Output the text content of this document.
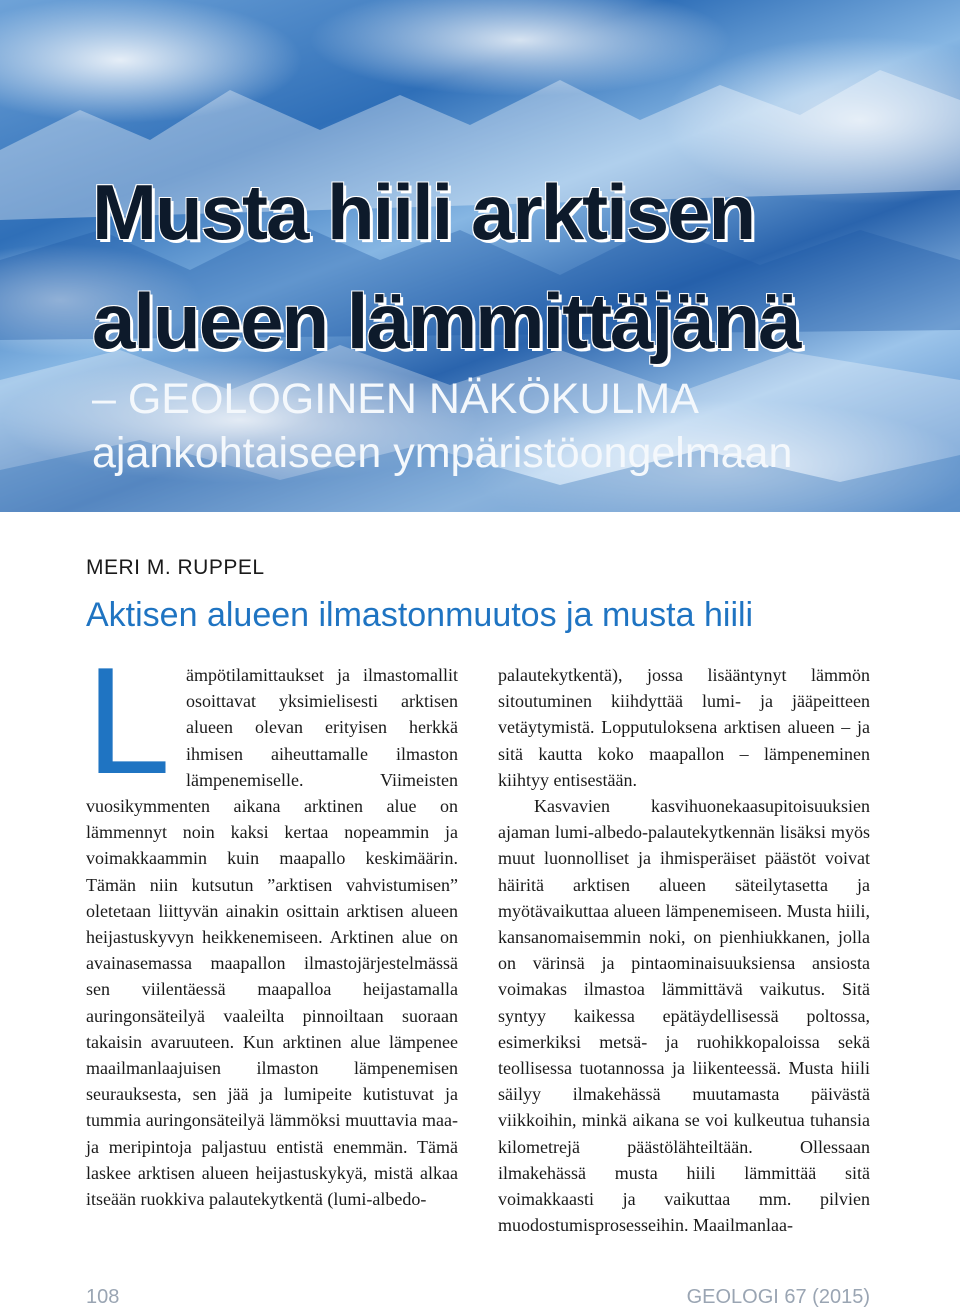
Musta hiili arktisen
alueen lämmittäjänä
– GEOLOGINEN NÄKÖKULMA
ajankohtaiseen ympäristöongelmaan
MERI M. RUPPEL
Aktisen alueen ilmastonmuutos ja musta hiili
L ämpötilamittaukset ja ilmastomallit osoittavat yksimielisesti arktisen alueen olevan erityisen herkkä ihmisen aiheuttamalle ilmaston lämpenemiselle. Viimeisten vuosikymmenten aikana arktinen alue on lämmennyt noin kaksi kertaa nopeammin ja voimakkaammin kuin maapallo keskimäärin. Tämän niin kutsutun ”arktisen vahvistumisen” oletetaan liittyvän ainakin osittain arktisen alueen heijastuskyvyn heikkenemiseen. Arktinen alue on avainasemassa maapallon ilmastojärjestelmässä sen viilentäessä maapalloa heijastamalla auringonsäteilyä vaaleilta pinnoiltaan suoraan takaisin avaruuteen. Kun arktinen alue lämpenee maailmanlaajuisen ilmaston lämpenemisen seurauksesta, sen jää ja lumipeite kutistuvat ja tummia auringonsäteilyä lämmöksi muuttavia maa- ja meripintoja paljastuu entistä enemmän. Tämä laskee arktisen alueen heijastuskykyä, mistä alkaa itseään ruokkiva palautekytkentä (lumi-albedo-

palautekytkentä), jossa lisääntynyt lämmön sitoutuminen kiihdyttää lumi- ja jääpeitteen vetäytymistä. Lopputuloksena arktisen alueen – ja sitä kautta koko maapallon – lämpeneminen kiihtyy entisestään.

Kasvavien kasvihuonekaasupitoisuuksien ajaman lumi-albedo-palautekytkennän lisäksi myös muut luonnolliset ja ihmisperäiset päästöt voivat häiritä arktisen alueen säteilytasetta ja myötävaikuttaa alueen lämpenemiseen. Musta hiili, kansanomaisemmin noki, on pienhiukkanen, jolla on värinsä ja pintaominaisuuksiensa ansiosta voimakas ilmastoa lämmittävä vaikutus. Sitä syntyy kaikessa epätäydellisessä poltossa, esimerkiksi metsä- ja ruohikkopaloissa sekä teollisessa tuotannossa ja liikenteessä. Musta hiili säilyy ilmakehässä muutamasta päivästä viikkoihin, minkä aikana se voi kulkeutua tuhansia kilometrejä päästölähteiltään. Ollessaan ilmakehässä musta hiili lämmittää sitä voimakkaasti ja vaikuttaa mm. pilvien muodostumisprosesseihin. Maailmanlaa-

108	GEOLOGI 67 (2015)
